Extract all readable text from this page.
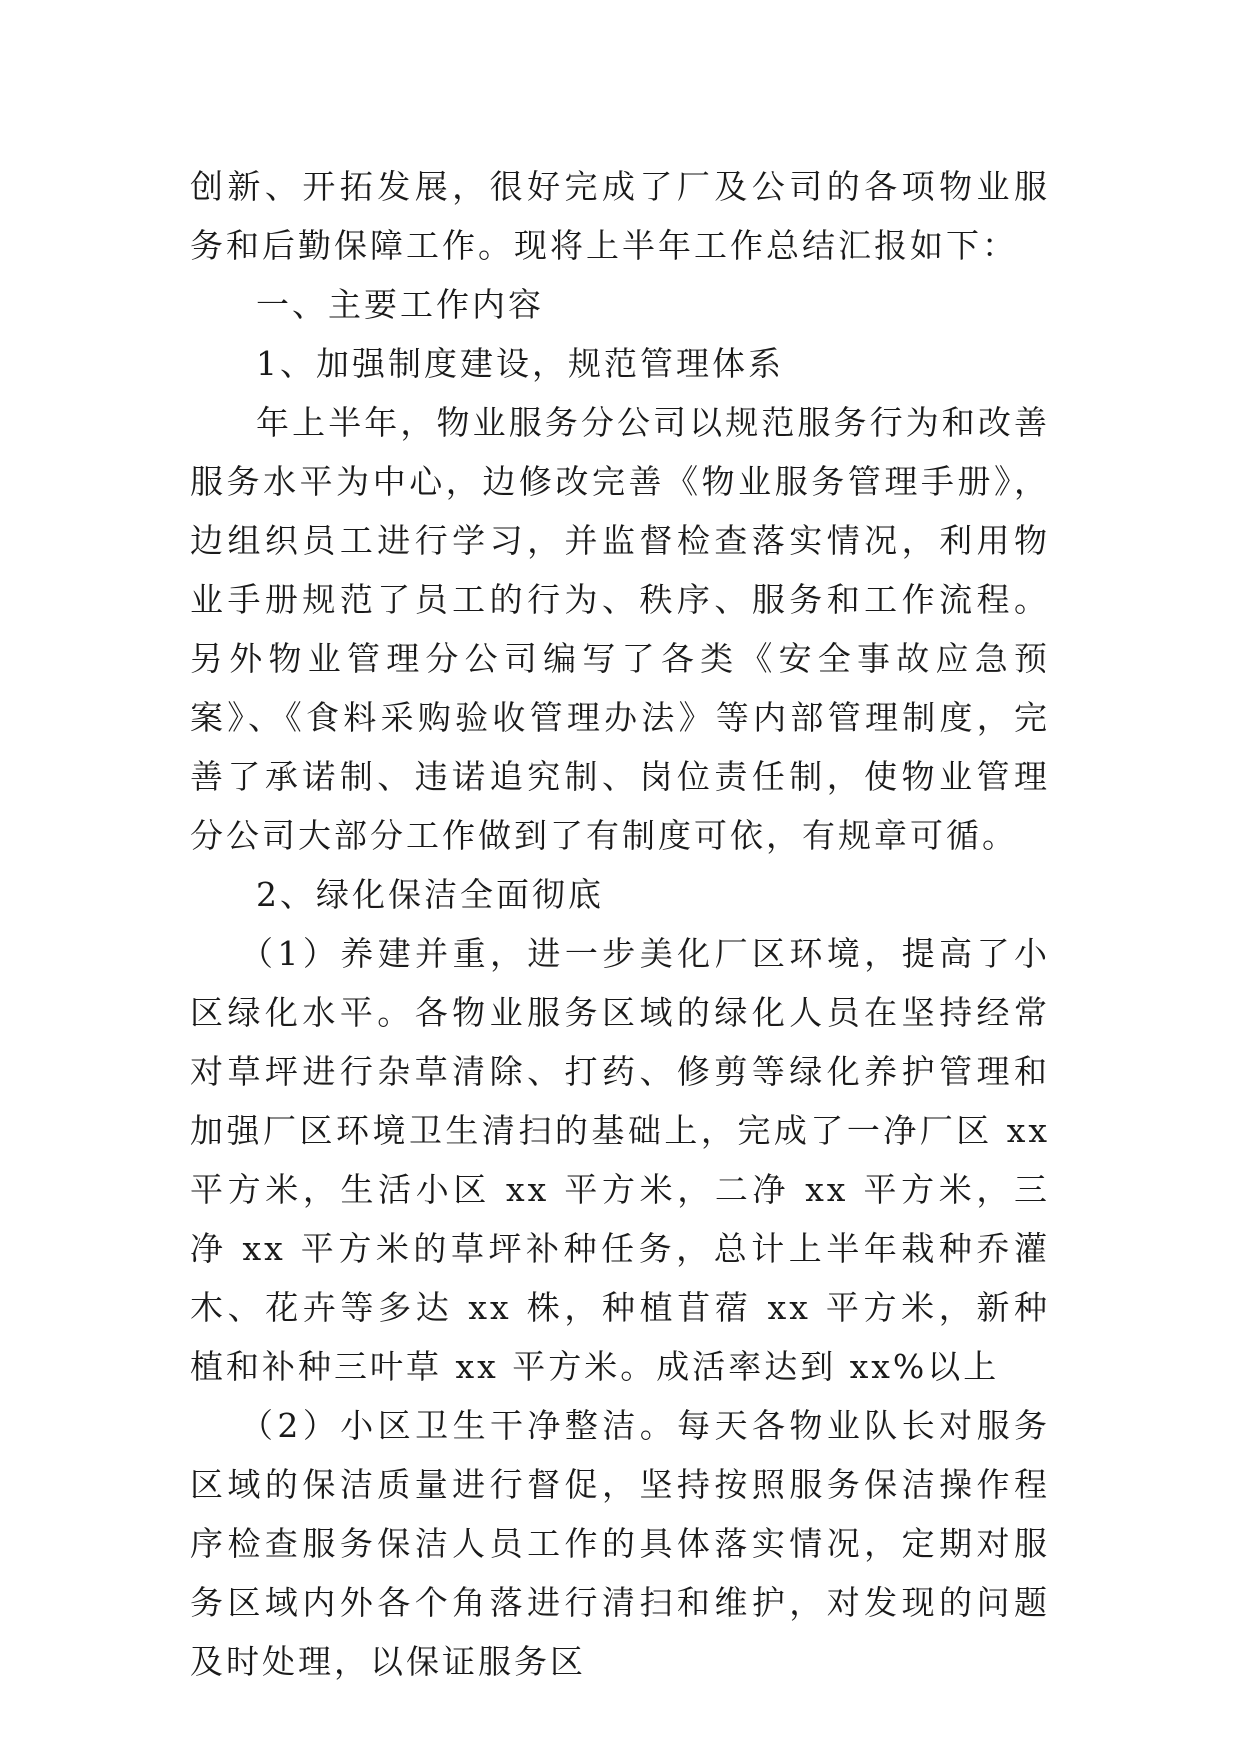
创新、开拓发展，很好完成了厂及公司的各项物业服务和后勤保障工作。现将上半年工作总结汇报如下：

一、主要工作内容

1、加强制度建设，规范管理体系

年上半年，物业服务分公司以规范服务行为和改善服务水平为中心，边修改完善《物业服务管理手册》，边组织员工进行学习，并监督检查落实情况，利用物业手册规范了员工的行为、秩序、服务和工作流程。另外物业管理分公司编写了各类《安全事故应急预案》、《食料采购验收管理办法》等内部管理制度，完善了承诺制、违诺追究制、岗位责任制，使物业管理分公司大部分工作做到了有制度可依，有规章可循。

2、绿化保洁全面彻底

（1）养建并重，进一步美化厂区环境，提高了小区绿化水平。各物业服务区域的绿化人员在坚持经常对草坪进行杂草清除、打药、修剪等绿化养护管理和加强厂区环境卫生清扫的基础上，完成了一净厂区 xx 平方米，生活小区 xx 平方米，二净 xx 平方米，三净 xx 平方米的草坪补种任务，总计上半年栽种乔灌木、花卉等多达 xx 株，种植苜蓿 xx 平方米，新种植和补种三叶草 xx 平方米。成活率达到 xx%以上

（2）小区卫生干净整洁。每天各物业队长对服务区域的保洁质量进行督促，坚持按照服务保洁操作程序检查服务保洁人员工作的具体落实情况，定期对服务区域内外各个角落进行清扫和维护，对发现的问题及时处理，以保证服务区
